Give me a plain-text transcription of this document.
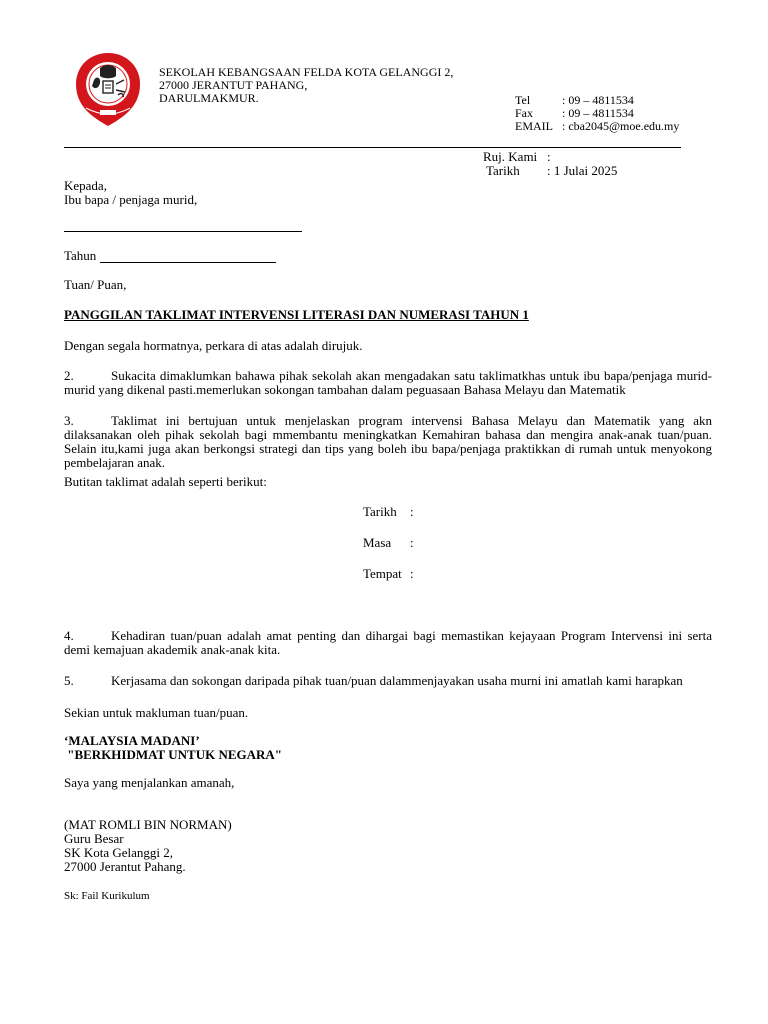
SEKOLAH KEBANGSAAN FELDA KOTA GELANGGI 2,
27000 JERANTUT PAHANG,
DARULMAKMUR.	Tel	: 09 – 4811534
Fax	: 09 – 4811534
EMAIL : cba2045@moe.edu.my
Ruj. Kami :
Tarikh	: 1 Julai 2025
Kepada,
Ibu bapa / penjaga murid,
Tahun
Tuan/ Puan,
PANGGILAN TAKLIMAT INTERVENSI LITERASI DAN NUMERASI TAHUN 1
Dengan segala hormatnya, perkara di atas adalah dirujuk.
2.	Sukacita dimaklumkan bahawa pihak sekolah akan mengadakan satu taklimatkhas untuk ibu bapa/penjaga murid-murid yang dikenal pasti.memerlukan sokongan tambahan dalam peguasaan Bahasa Melayu dan Matematik
3.	Taklimat ini bertujuan untuk menjelaskan program intervensi Bahasa Melayu dan Matematik yang akn dilaksanakan oleh pihak sekolah bagi mmembantu meningkatkan Kemahiran bahasa dan mengira anak-anak tuan/puan. Selain itu,kami juga akan berkongsi strategi dan tips yang boleh ibu bapa/penjaga praktikkan di rumah untuk menyokong pembelajaran anak.
Butitan taklimat adalah seperti berikut:
Tarikh	:
Masa	:
Tempat :
4.	Kehadiran tuan/puan adalah amat penting dan dihargai bagi memastikan kejayaan Program Intervensi ini serta demi kemajuan akademik anak-anak kita.
5.	Kerjasama dan sokongan daripada pihak tuan/puan dalammenjayakan usaha murni ini amatlah kami harapkan
Sekian untuk makluman tuan/puan.
‘MALAYSIA MADANI’
"BERKHIDMAT UNTUK NEGARA"
Saya yang menjalankan amanah,
(MAT ROMLI BIN NORMAN)
Guru Besar
SK Kota Gelanggi 2,
27000 Jerantut Pahang.
Sk: Fail Kurikulum
